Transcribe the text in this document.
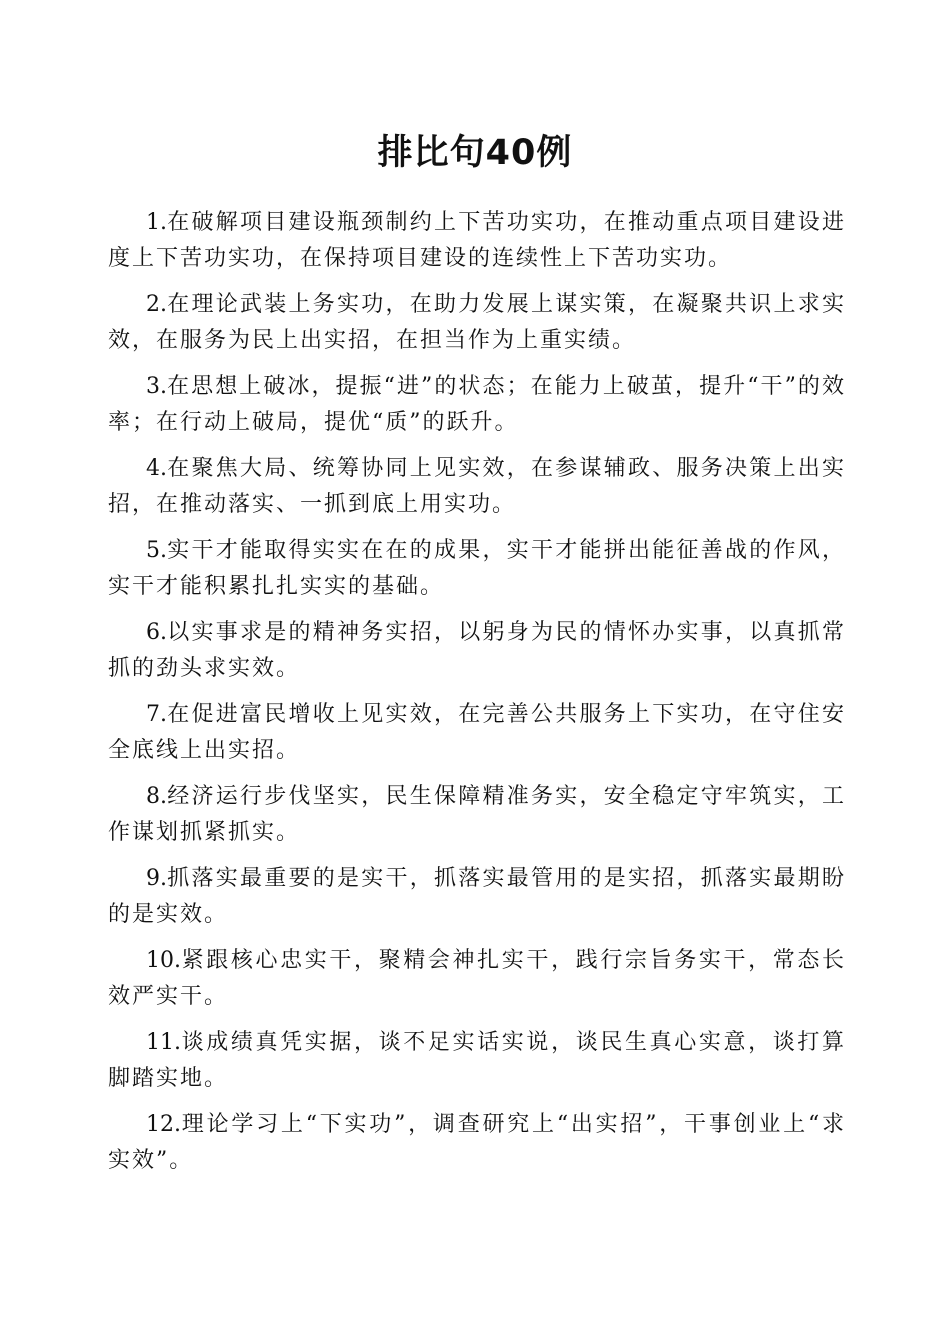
排比句40例

1.在破解项目建设瓶颈制约上下苦功实功，在推动重点项目建设进度上下苦功实功，在保持项目建设的连续性上下苦功实功。

2.在理论武装上务实功，在助力发展上谋实策，在凝聚共识上求实效，在服务为民上出实招，在担当作为上重实绩。

3.在思想上破冰，提振“进”的状态；在能力上破茧，提升“干”的效率；在行动上破局，提优“质”的跃升。

4.在聚焦大局、统筹协同上见实效，在参谋辅政、服务决策上出实招，在推动落实、一抓到底上用实功。

5.实干才能取得实实在在的成果，实干才能拼出能征善战的作风，实干才能积累扎扎实实的基础。

6.以实事求是的精神务实招，以躬身为民的情怀办实事，以真抓常抓的劲头求实效。

7.在促进富民增收上见实效，在完善公共服务上下实功，在守住安全底线上出实招。

8.经济运行步伐坚实，民生保障精准务实，安全稳定守牢筑实，工作谋划抓紧抓实。

9.抓落实最重要的是实干，抓落实最管用的是实招，抓落实最期盼的是实效。

10.紧跟核心忠实干，聚精会神扎实干，践行宗旨务实干，常态长效严实干。

11.谈成绩真凭实据，谈不足实话实说，谈民生真心实意，谈打算脚踏实地。

12.理论学习上“下实功”，调查研究上“出实招”，干事创业上“求实效”。
